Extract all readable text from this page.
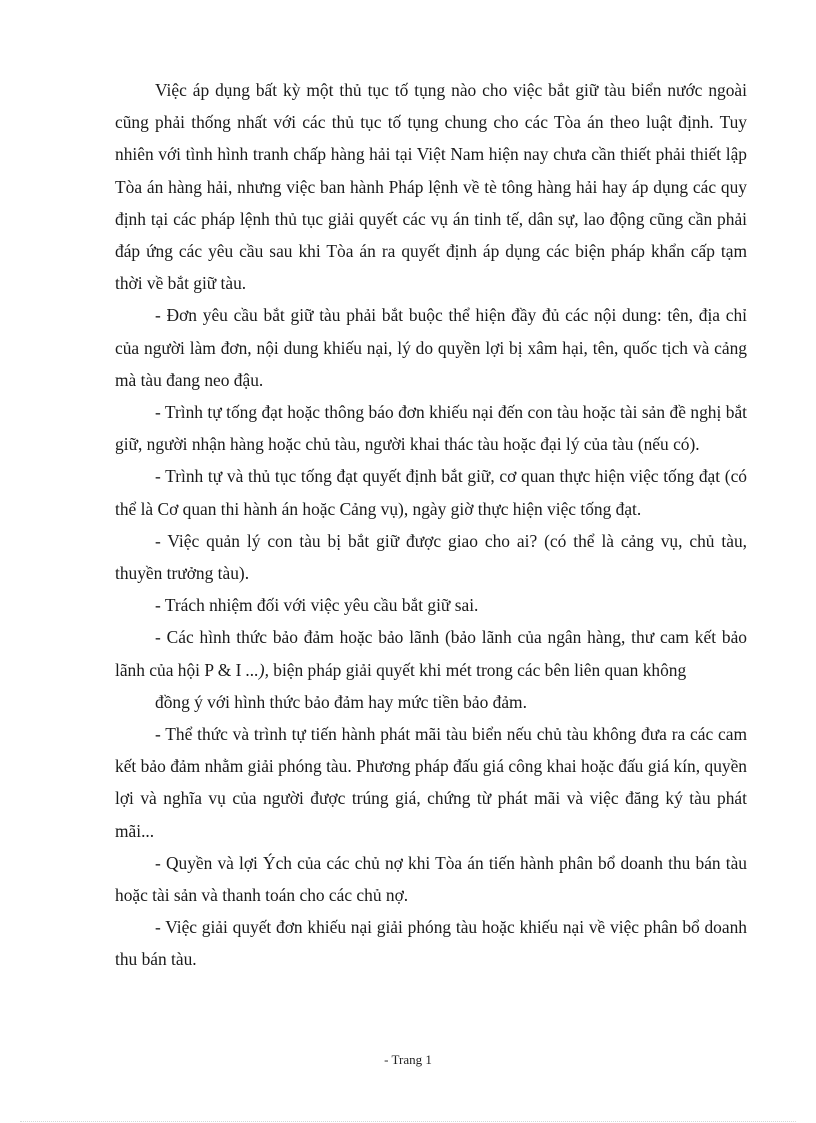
Việc áp dụng bất kỳ một thủ tục tố tụng nào cho việc bắt giữ tàu biển nước ngoài cũng phải thống nhất với các thủ tục tố tụng chung cho các Tòa án theo luật định. Tuy nhiên với tình hình tranh chấp hàng hải tại Việt Nam hiện nay chưa cần thiết phải thiết lập Tòa án hàng hải, nhưng việc ban hành Pháp lệnh về tè tông hàng hải hay áp dụng các quy định tại các pháp lệnh thủ tục giải quyết các vụ án tinh tế, dân sự, lao động cũng cần phải đáp ứng các yêu cầu sau khi Tòa án ra quyết định áp dụng các biện pháp khẩn cấp tạm thời về bắt giữ tàu.

- Đơn yêu cầu bắt giữ tàu phải bắt buộc thể hiện đầy đủ các nội dung: tên, địa chỉ của người làm đơn, nội dung khiếu nại, lý do quyền lợi bị xâm hại, tên, quốc tịch và cảng mà tàu đang neo đậu.

- Trình tự tống đạt hoặc thông báo đơn khiếu nại đến con tàu hoặc tài sản đề nghị bắt giữ, người nhận hàng hoặc chủ tàu, người khai thác tàu hoặc đại lý của tàu (nếu có).

- Trình tự và thủ tục tống đạt quyết định bắt giữ, cơ quan thực hiện việc tống đạt (có thể là Cơ quan thi hành án hoặc Cảng vụ), ngày giờ thực hiện việc tống đạt.

- Việc quản lý con tàu bị bắt giữ được giao cho ai? (có thể là cảng vụ, chủ tàu, thuyền trưởng tàu).

- Trách nhiệm đối với việc yêu cầu bắt giữ sai.

- Các hình thức bảo đảm hoặc bảo lãnh (bảo lãnh của ngân hàng, thư cam kết bảo lãnh của hội P & I ...), biện pháp giải quyết khi mét trong các bên liên quan không

đồng ý với hình thức bảo đảm hay mức tiền bảo đảm.

- Thể thức và trình tự tiến hành phát mãi tàu biển nếu chủ tàu không đưa ra các cam kết bảo đảm nhằm giải phóng tàu. Phương pháp đấu giá công khai hoặc đấu giá kín, quyền lợi và nghĩa vụ của người được trúng giá, chứng từ phát mãi và việc đăng ký tàu phát mãi...

- Quyền và lợi Ých của các chủ nợ khi Tòa án tiến hành phân bổ doanh thu bán tàu hoặc tài sản và thanh toán cho các chủ nợ.

- Việc giải quyết đơn khiếu nại giải phóng tàu hoặc khiếu nại về việc phân bổ doanh thu bán tàu.

- Trang 1
